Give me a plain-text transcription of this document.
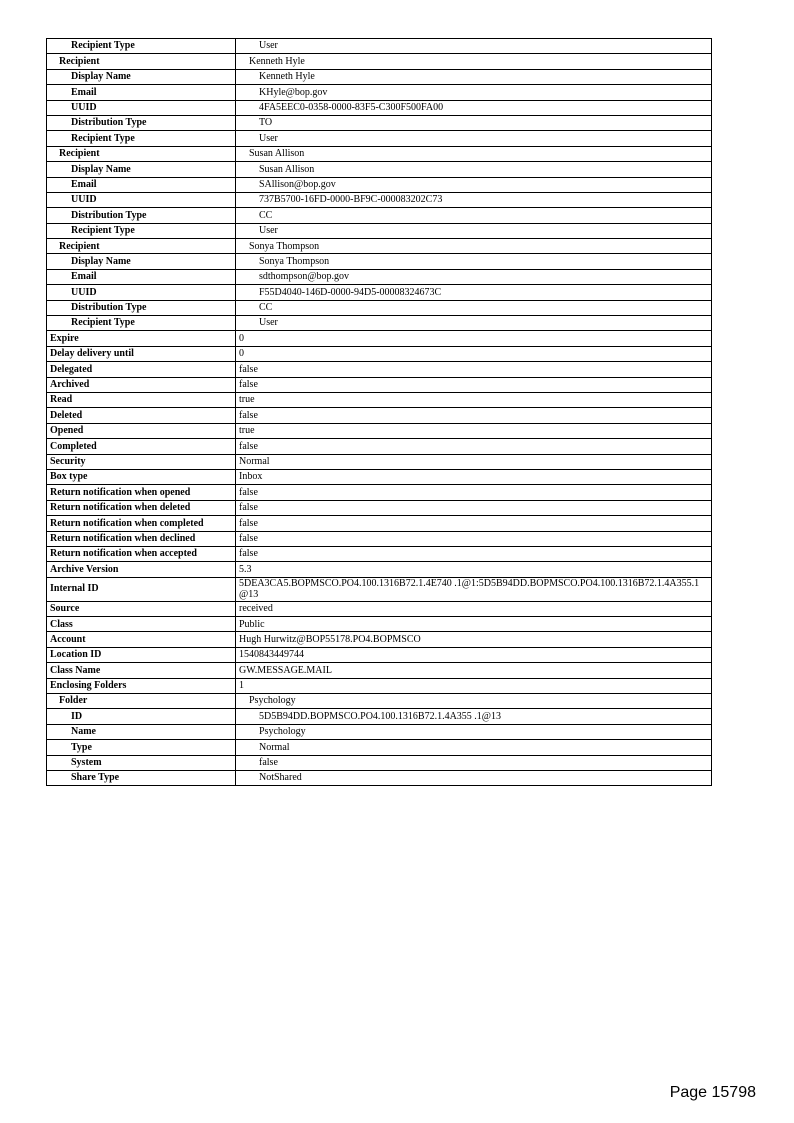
Recipient Type	User
Recipient	Kenneth Hyle
Display Name	Kenneth Hyle
Email	KHyle@bop.gov
UUID	4FA5EEC0-0358-0000-83F5-C300F500FA00
Distribution Type	TO
Recipient Type	User
Recipient	Susan Allison
Display Name	Susan Allison
Email	SAllison@bop.gov
UUID	737B5700-16FD-0000-BF9C-000083202C73
Distribution Type	CC
Recipient Type	User
Recipient	Sonya Thompson
Display Name	Sonya Thompson
Email	sdthompson@bop.gov
UUID	F55D4040-146D-0000-94D5-00008324673C
Distribution Type	CC
Recipient Type	User
Expire	0
Delay delivery until	0
Delegated	false
Archived	false
Read	true
Deleted	false
Opened	true
Completed	false
Security	Normal
Box type	Inbox
Return notification when opened	false
Return notification when deleted	false
Return notification when completed	false
Return notification when declined	false
Return notification when accepted	false
Archive Version	5.3
Internal ID	5DEA3CA5.BOPMSCO.PO4.100.1316B72.1.4E740 .1@1:5D5B94DD.BOPMSCO.PO4.100.1316B72.1.4A355.1@13
Source	received
Class	Public
Account	Hugh Hurwitz@BOP55178.PO4.BOPMSCO
Location ID	1540843449744
Class Name	GW.MESSAGE.MAIL
Enclosing Folders	1
Folder	Psychology
ID	5D5B94DD.BOPMSCO.PO4.100.1316B72.1.4A355 .1@13
Name	Psychology
Type	Normal
System	false
Share Type	NotShared
Page 15798
